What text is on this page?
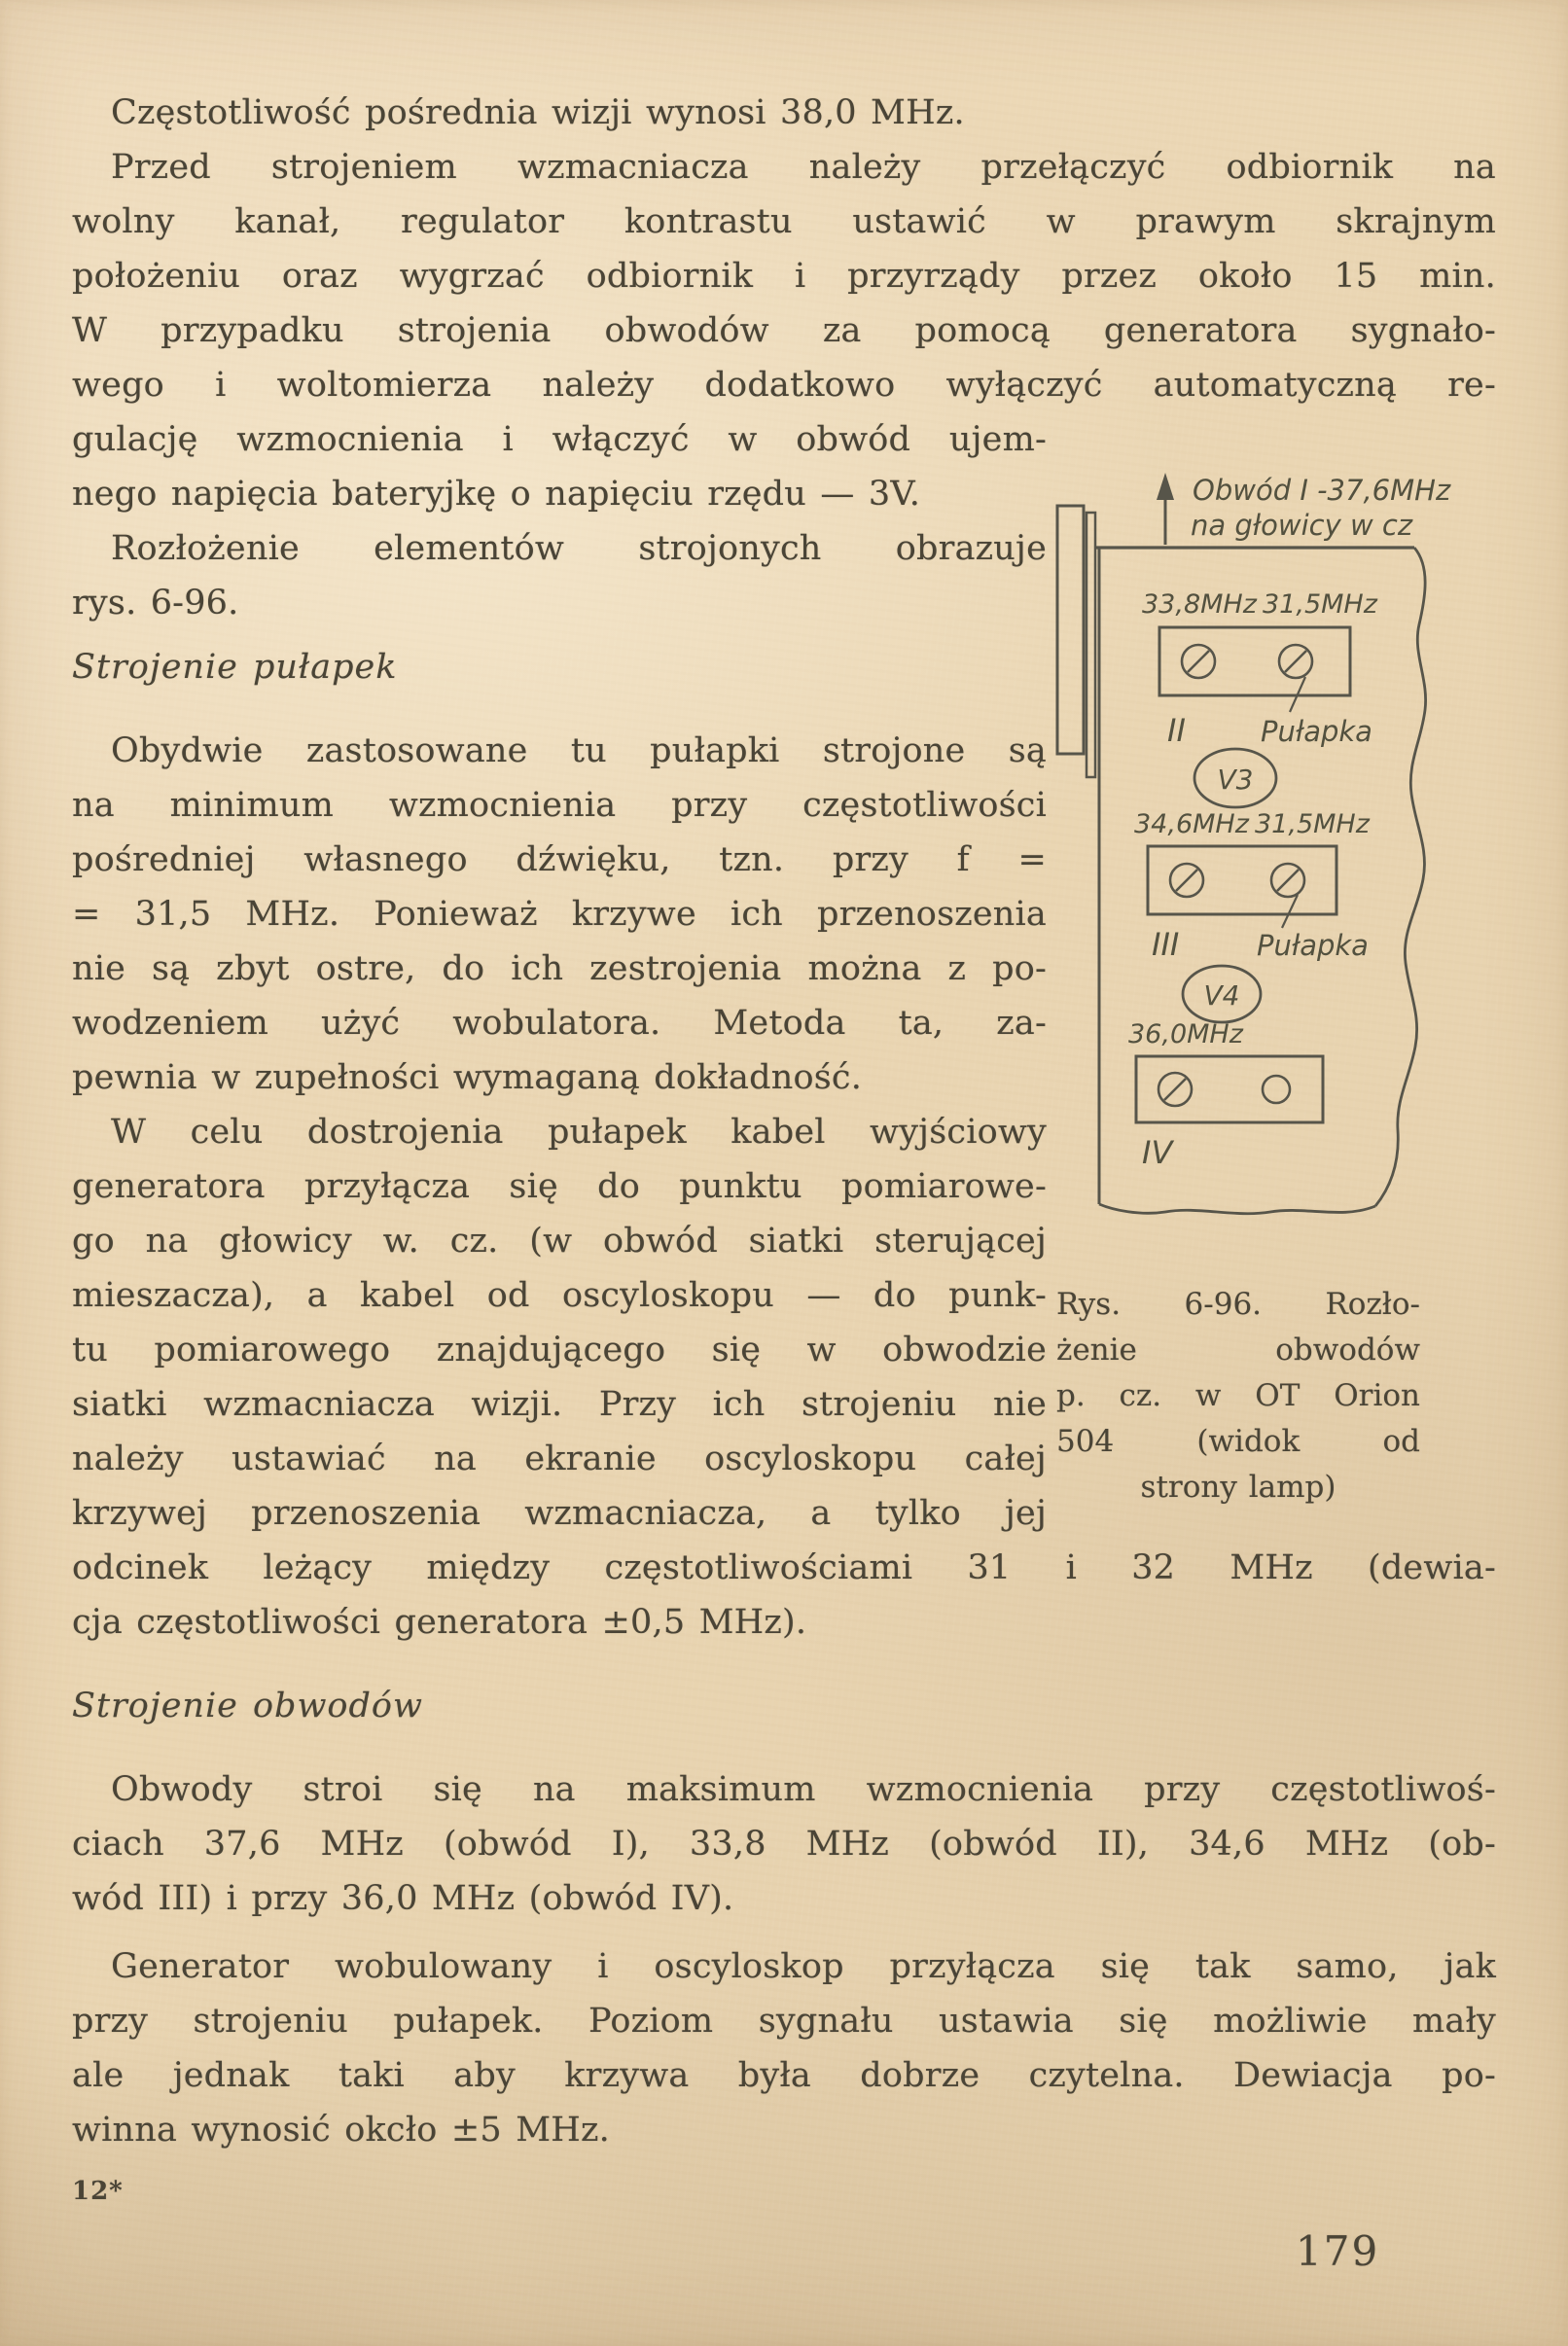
Częstotliwość pośrednia wizji wynosi 38,0 MHz.
Przed strojeniem wzmacniacza należy przełączyć odbiornik na
wolny kanał, regulator kontrastu ustawić w prawym skrajnym
położeniu oraz wygrzać odbiornik i przyrządy przez około 15 min.
W przypadku strojenia obwodów za pomocą generatora sygnało-
wego i woltomierza należy dodatkowo wyłączyć automatyczną re-
gulację wzmocnienia i włączyć w obwód ujem-
nego napięcia bateryjkę o napięciu rzędu — 3V.
Rozłożenie elementów strojonych obrazuje
rys. 6-96.
Strojenie pułapek
Obydwie zastosowane tu pułapki strojone są
na minimum wzmocnienia przy częstotliwości
pośredniej własnego dźwięku, tzn. przy f =
= 31,5 MHz. Ponieważ krzywe ich przenoszenia
nie są zbyt ostre, do ich zestrojenia można z po-
wodzeniem użyć wobulatora. Metoda ta, za-
pewnia w zupełności wymaganą dokładność.
W celu dostrojenia pułapek kabel wyjściowy
generatora przyłącza się do punktu pomiarowe-
go na głowicy w. cz. (w obwód siatki sterującej
mieszacza), a kabel od oscyloskopu — do punk-
tu pomiarowego znajdującego się w obwodzie
siatki wzmacniacza wizji. Przy ich strojeniu nie
należy ustawiać na ekranie oscyloskopu całej
krzywej przenoszenia wzmacniacza, a tylko jej
odcinek leżący między częstotliwościami 31 i 32 MHz (dewia-
cja częstotliwości generatora ±0,5 MHz).
Strojenie obwodów
Obwody stroi się na maksimum wzmocnienia przy częstotliwoś-
ciach 37,6 MHz (obwód I), 33,8 MHz (obwód II), 34,6 MHz (ob-
wód III) i przy 36,0 MHz (obwód IV).
Generator wobulowany i oscyloskop przyłącza się tak samo, jak
przy strojeniu pułapek. Poziom sygnału ustawia się możliwie mały
ale jednak taki aby krzywa była dobrze czytelna. Dewiacja po-
winna wynosić okcło ±5 MHz.
Obwód I -37,6MHz
na głowicy w cz
33,8MHz 31,5MHz
II	Pułapka
V3
34,6MHz 31,5MHz
III	Pułapka
V4
36,0MHz
IV
Rys. 6-96. Rozło-
żenie obwodów
p. cz. w OT Orion
504 (widok od
strony lamp)
12*
179
